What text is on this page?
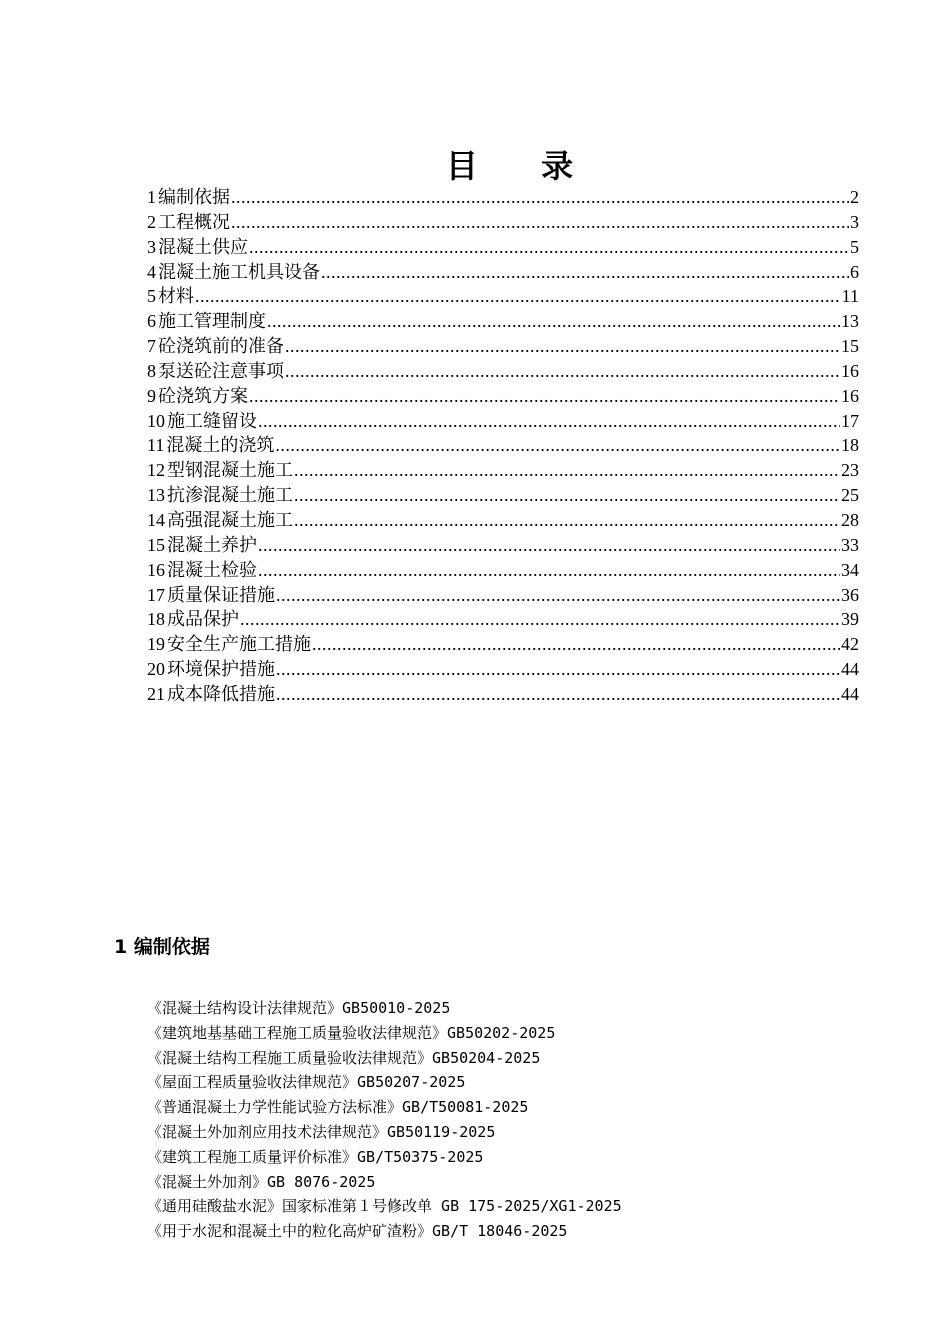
目 录
1 编制依据 .....	2
2 工程概况 .....	3
3 混凝土供应 .....	5
4 混凝土施工机具设备 .....	6
5 材料 .....	11
6 施工管理制度 .....	13
7 砼浇筑前的准备 .....	15
8 泵送砼注意事项 .....	16
9 砼浇筑方案 .....	16
10 施工缝留设 .....	17
11 混凝土的浇筑 .....	18
12 型钢混凝土施工 .....	23
13 抗渗混凝土施工 .....	25
14 高强混凝土施工 .....	28
15 混凝土养护 .....	33
16 混凝土检验 .....	34
17 质量保证措施 .....	36
18 成品保护 .....	39
19 安全生产施工措施 .....	42
20 环境保护措施 .....	44
21 成本降低措施 .....	44
1 编制依据
《混凝土结构设计法律规范》GB50010-2025
《建筑地基基础工程施工质量验收法律规范》GB50202-2025
《混凝土结构工程施工质量验收法律规范》GB50204-2025
《屋面工程质量验收法律规范》GB50207-2025
《普通混凝土力学性能试验方法标准》GB/T50081-2025
《混凝土外加剂应用技术法律规范》GB50119-2025
《建筑工程施工质量评价标准》GB/T50375-2025
《混凝土外加剂》GB 8076-2025
《通用硅酸盐水泥》国家标准第１号修改单 GB 175-2025/XG1-2025
《用于水泥和混凝土中的粒化高炉矿渣粉》GB/T 18046-2025
